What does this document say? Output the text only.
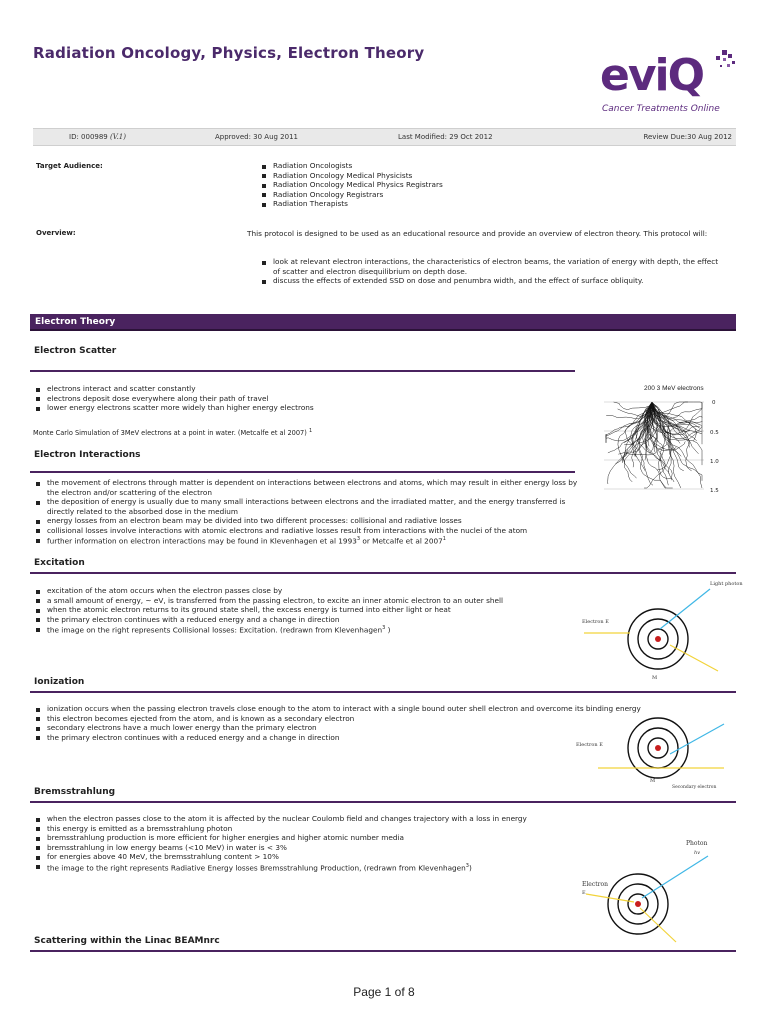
Radiation Oncology, Physics, Electron Theory	eviQ
Cancer Treatments Online
ID: 000989 (V.1)	Approved: 30 Aug 2011	Last Modified: 29 Oct 2012	Review Due:30 Aug 2012
Target Audience:	Radiation Oncologists
Radiation Oncology Medical Physicists
Radiation Oncology Medical Physics Registrars
Radiation Oncology Registrars
Radiation Therapists
Overview:	This protocol is designed to be used as an educational resource and provide an overview of electron theory. This protocol will:
look at relevant electron interactions, the characteristics of electron beams, the variation of energy with depth, the effect of scatter and electron disequilibrium on depth dose.
discuss the effects of extended SSD on dose and penumbra width, and the effect of surface obliquity.
Electron Theory
Electron Scatter
electrons interact and scatter constantly
electrons deposit dose everywhere along their path of travel
lower energy electrons scatter more widely than higher energy electrons
Monte Carlo Simulation of 3MeV electrons at a point in water. (Metcalfe et al 2007) $^1$
200 3 MeV electrons
0
0.5
1.0
1.5
Electron Interactions
the movement of electrons through matter is dependent on interactions between electrons and atoms, which may result in either energy loss by the electron and/or scattering of the electron
the deposition of energy is usually due to many small interactions between electrons and the irradiated matter, and the energy transferred is directly related to the absorbed dose in the medium
energy losses from an electron beam may be divided into two different processes: collisional and radiative losses
collisional losses involve interactions with atomic electrons and radiative losses result from interactions with the nuclei of the atom
further information on electron interactions may be found in Klevenhagen et al 1993$^3$ or Metcalfe et al 2007$^1$
Excitation
excitation of the atom occurs when the electron passes close by
a small amount of energy, ~ eV, is transferred from the passing electron, to excite an inner atomic electron to an outer shell
when the atomic electron returns to its ground state shell, the excess energy is turned into either light or heat
the primary electron continues with a reduced energy and a change in direction
the image on the right represents Collisional losses: Excitation. (redrawn from Klevenhagen$^3$ )
Light photon
Electron E
M
Ionization
ionization occurs when the passing electron travels close enough to the atom to interact with a single bound outer shell electron and overcome its binding energy
this electron becomes ejected from the atom, and is known as a secondary electron
secondary electrons have a much lower energy than the primary electron
the primary electron continues with a reduced energy and a change in direction
Electron E
Secondary electron
M
Bremsstrahlung
when the electron passes close to the atom it is affected by the nuclear Coulomb field and changes trajectory with a loss in energy
this energy is emitted as a bremsstrahlung photon
bremsstrahlung production is more efficient for higher energies and higher atomic number media
bremsstrahlung in low energy beams (<10 MeV) in water is < 3%
for energies above 40 MeV, the bremsstrahlung content > 10%
the image to the right represents Radiative Energy losses Bremsstrahlung Production, (redrawn from Klevenhagen$^3$)
Photon
hv
Electron
E
Scattering within the Linac BEAMnrc
Page 1 of 8
